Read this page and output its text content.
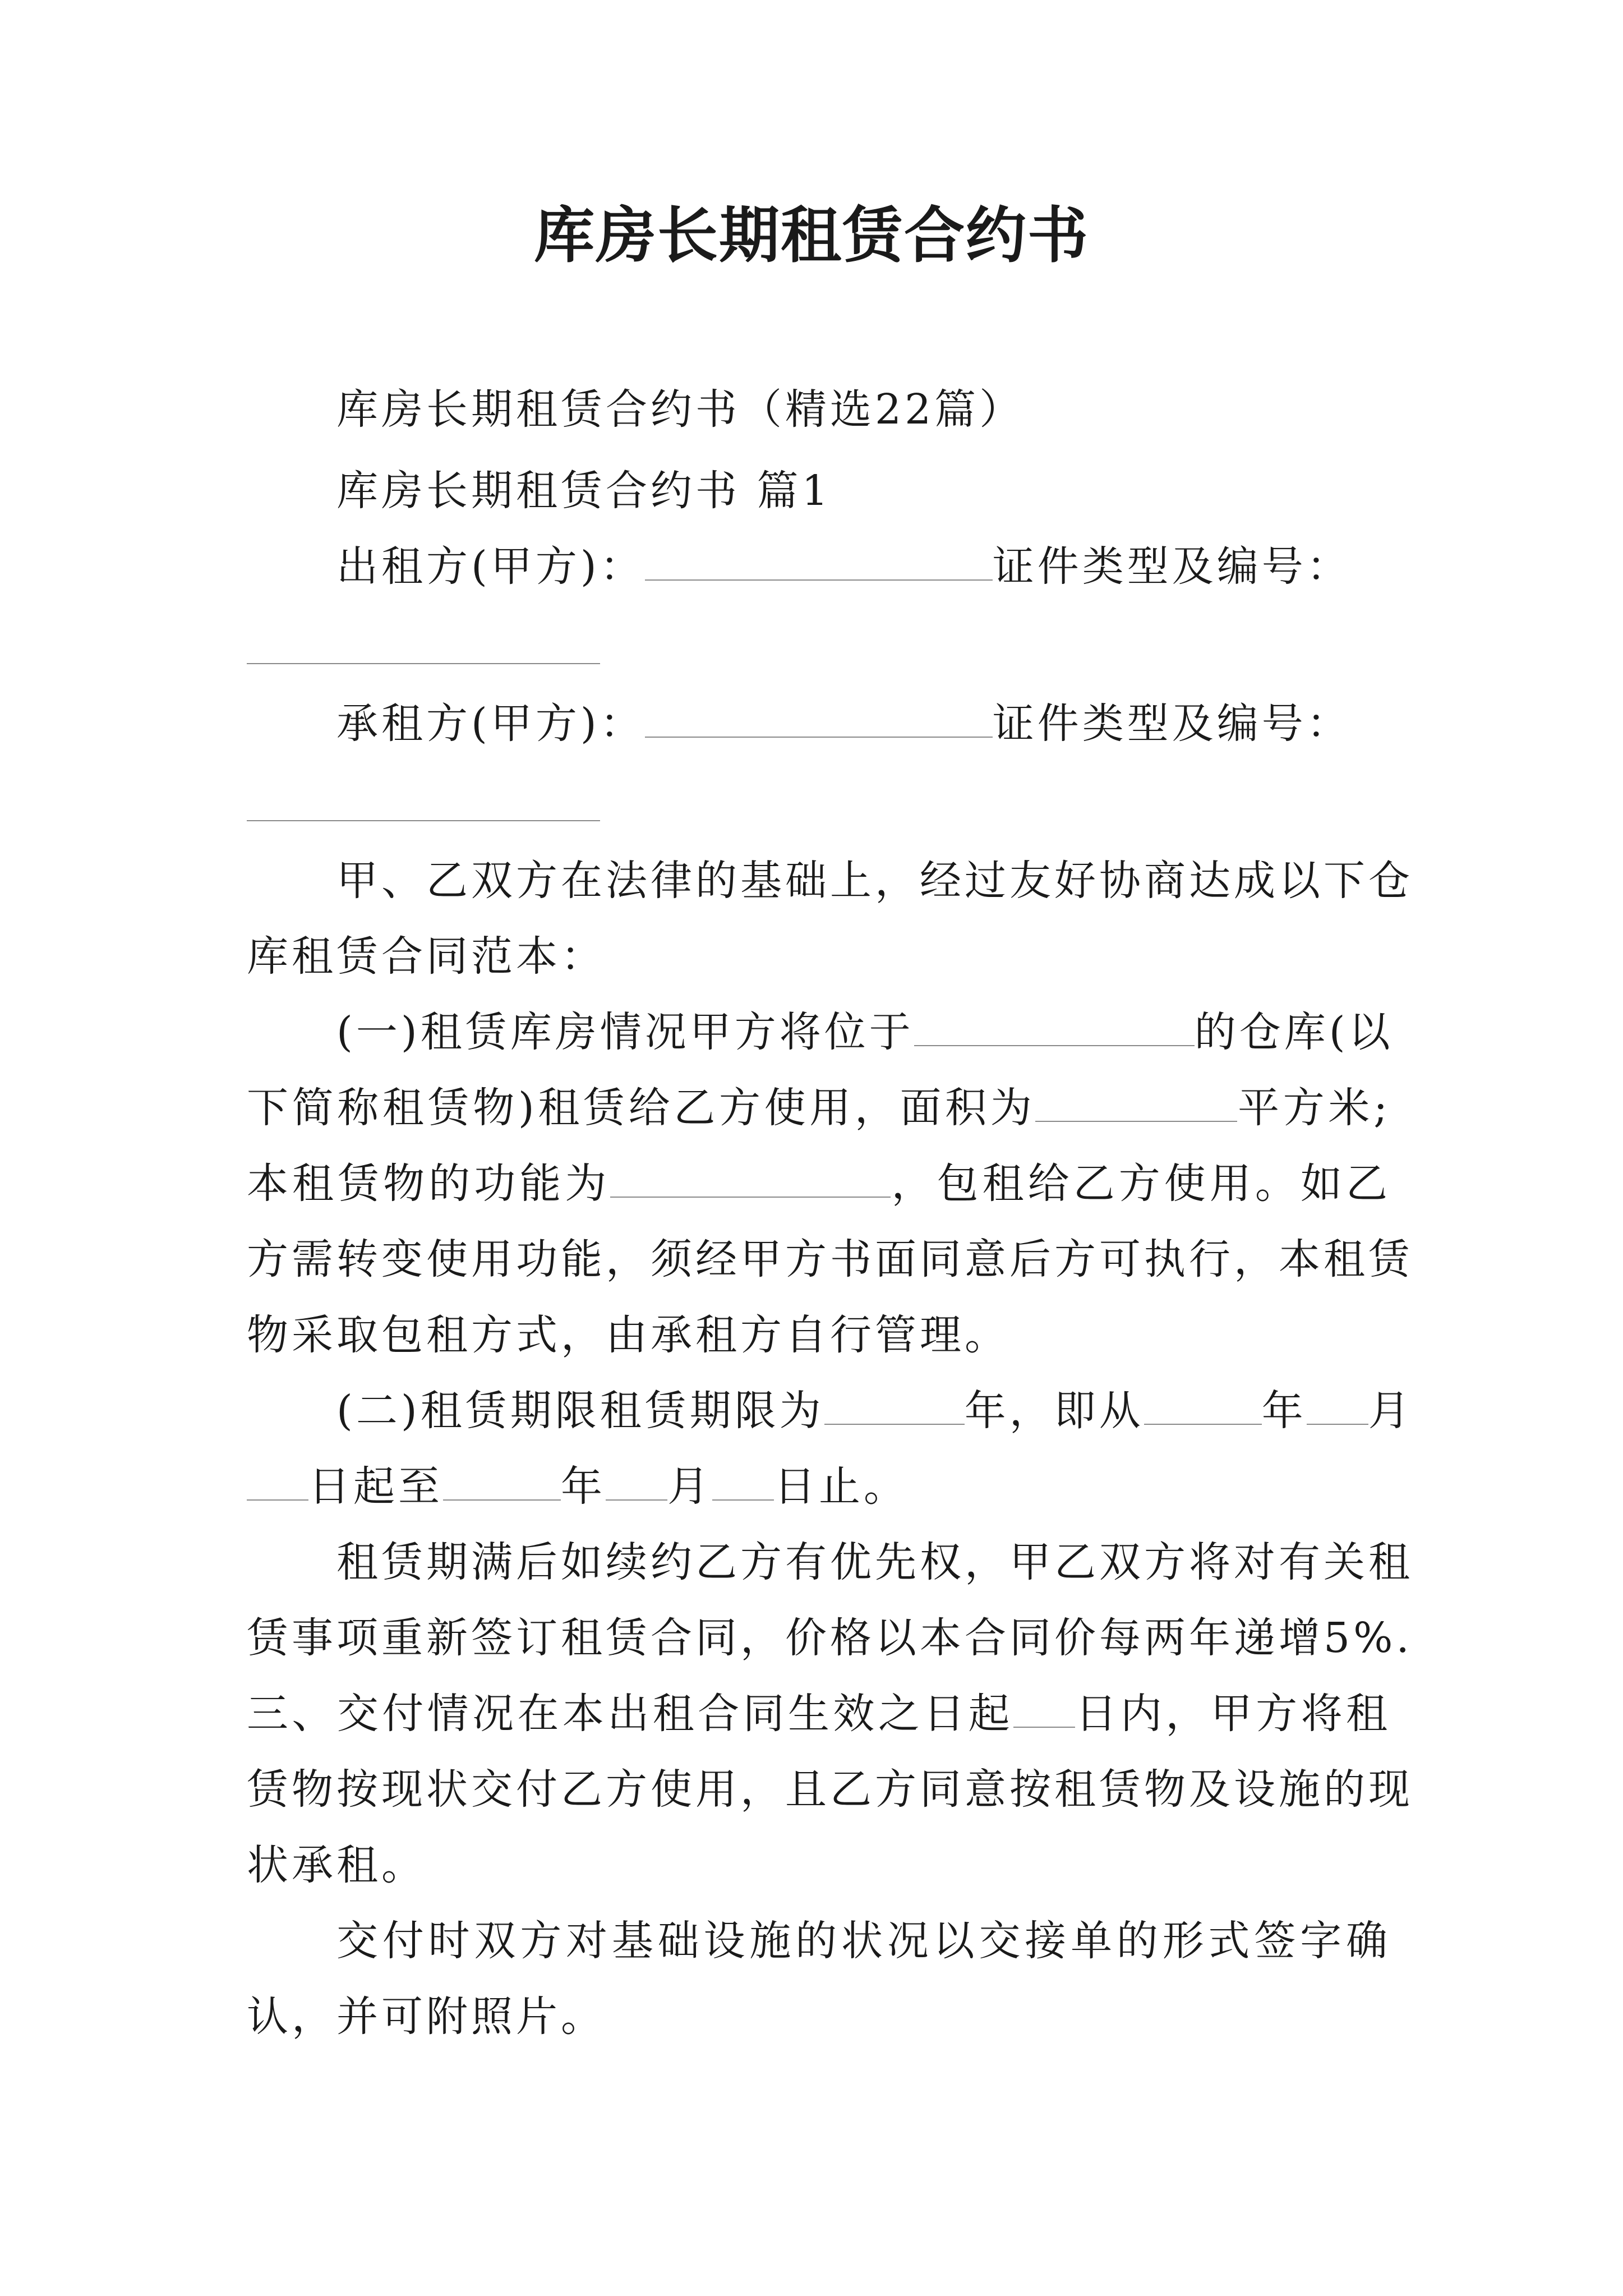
库房长期租赁合约书

库房长期租赁合约书（精选22篇）

库房长期租赁合约书 篇1

出租方(甲方)：	证件类型及编号：

承租方(甲方)：	证件类型及编号：

甲、乙双方在法律的基础上，经过友好协商达成以下仓

库租赁合同范本：

(一)租赁库房情况甲方将位于	的仓库(以

下简称租赁物)租赁给乙方使用，面积为	平方米;

本租赁物的功能为	，包租给乙方使用。如乙

方需转变使用功能，须经甲方书面同意后方可执行，本租赁

物采取包租方式，由承租方自行管理。

(二)租赁期限租赁期限为	年，即从	年 月

日起至	年 月 日止。

租赁期满后如续约乙方有优先权，甲乙双方将对有关租

赁事项重新签订租赁合同，价格以本合同价每两年递增5%.

三、交付情况在本出租合同生效之日起 日内，甲方将租

赁物按现状交付乙方使用，且乙方同意按租赁物及设施的现

状承租。

交付时双方对基础设施的状况以交接单的形式签字确

认，并可附照片。
